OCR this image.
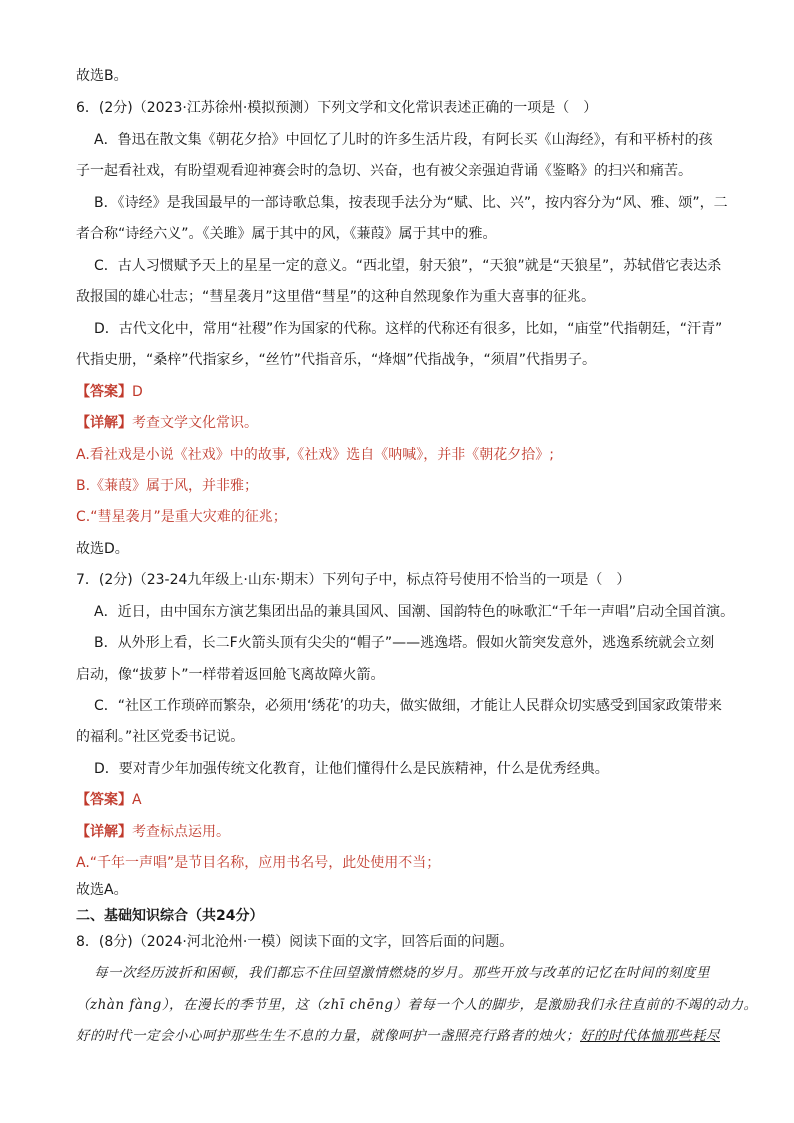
故选B。
6．(2分)（2023·江苏徐州·模拟预测）下列文学和文化常识表述正确的一项是（　）
A．鲁迅在散文集《朝花夕拾》中回忆了儿时的许多生活片段，有阿长买《山海经》，有和平桥村的孩
子一起看社戏，有盼望观看迎神赛会时的急切、兴奋，也有被父亲强迫背诵《鉴略》的扫兴和痛苦。
B．《诗经》是我国最早的一部诗歌总集，按表现手法分为“赋、比、兴”，按内容分为“风、雅、颂”，二
者合称“诗经六义”。《关雎》属于其中的风，《蒹葭》属于其中的雅。
C．古人习惯赋予天上的星星一定的意义。“西北望，射天狼”，“天狼”就是“天狼星”，苏轼借它表达杀
敌报国的雄心壮志；“彗星袭月”这里借“彗星”的这种自然现象作为重大喜事的征兆。
D．古代文化中，常用“社稷”作为国家的代称。这样的代称还有很多，比如，“庙堂”代指朝廷，“汗青”
代指史册，“桑梓”代指家乡，“丝竹”代指音乐，“烽烟”代指战争，“须眉”代指男子。
【答案】D
【详解】考查文学文化常识。
A.看社戏是小说《社戏》中的故事,《社戏》选自《呐喊》，并非《朝花夕拾》;
B.《蒹葭》属于风，并非雅；
C.“彗星袭月”是重大灾难的征兆；
故选D。
7．(2分)（23-24九年级上·山东·期末）下列句子中，标点符号使用不恰当的一项是（　）
A．近日，由中国东方演艺集团出品的兼具国风、国潮、国韵特色的咏歌汇“千年一声唱”启动全国首演。
B．从外形上看，长二F火箭头顶有尖尖的“帽子”——逃逸塔。假如火箭突发意外，逃逸系统就会立刻
启动，像“拔萝卜”一样带着返回舱飞离故障火箭。
C．“社区工作琐碎而繁杂，必须用‘绣花’的功夫，做实做细，才能让人民群众切实感受到国家政策带来
的福利。”社区党委书记说。
D．要对青少年加强传统文化教育，让他们懂得什么是民族精神，什么是优秀经典。
【答案】A
【详解】考查标点运用。
A.“千年一声唱”是节目名称，应用书名号，此处使用不当；
故选A。
二、基础知识综合（共24分）
8．(8分)（2024·河北沧州·一模）阅读下面的文字，回答后面的问题。
每一次经历波折和困顿，我们都忘不住回望激情燃烧的岁月。那些开放与改革的记忆在时间的刻度里
（zhàn fàng），在漫长的季节里，这（zhī chēng）着每一个人的脚步，是激励我们永往直前的不竭的动力。
好的时代一定会小心呵护那些生生不息的力量，就像呵护一盏照亮行路者的烛火；好的时代体恤那些耗尽
